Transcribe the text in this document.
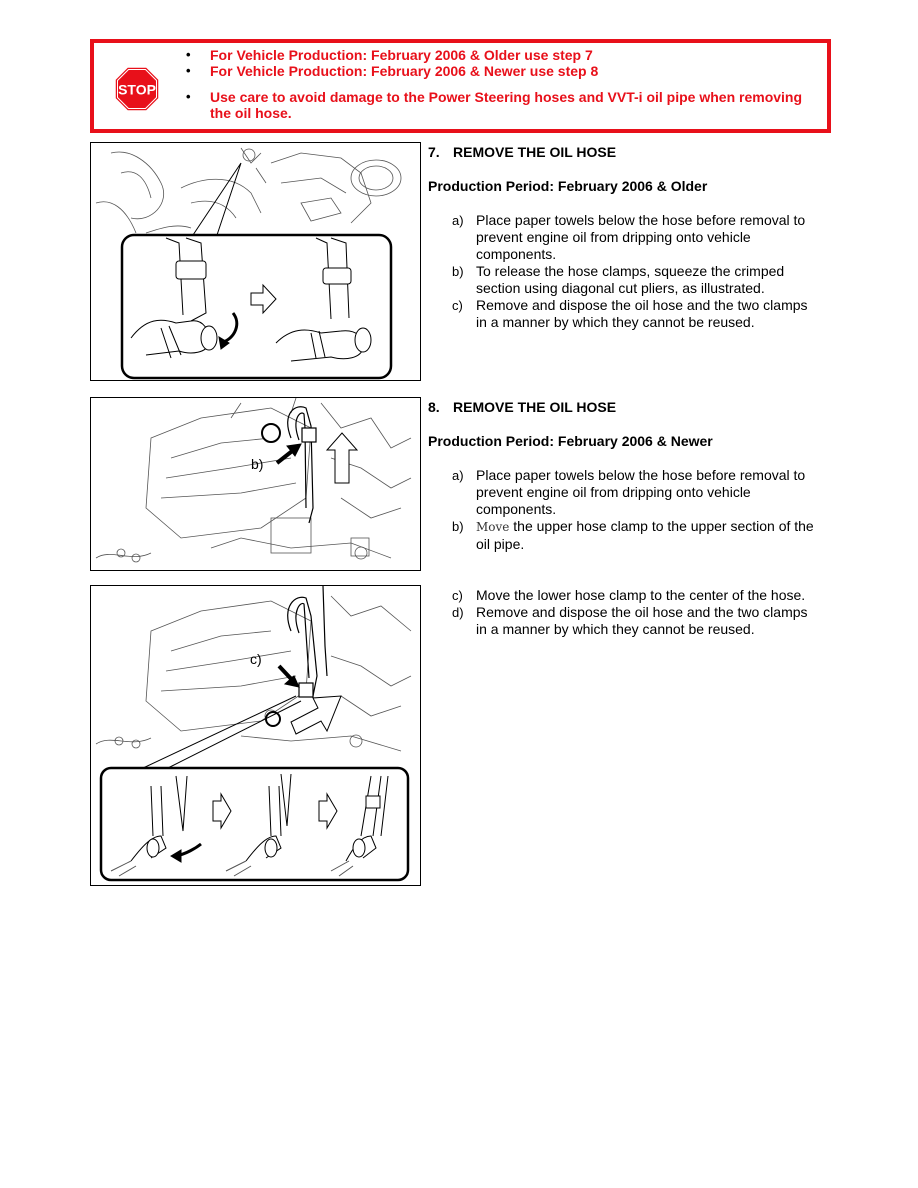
STOP
• For Vehicle Production: February 2006 & Older use step 7
• For Vehicle Production: February 2006 & Newer use step 8
• Use care to avoid damage to the Power Steering hoses and VVT-i oil pipe when removing the oil hose.
7. REMOVE THE OIL HOSE

Production Period: February 2006 & Older

a) Place paper towels below the hose before removal to prevent engine oil from dripping onto vehicle components.
b) To release the hose clamps, squeeze the crimped section using diagonal cut pliers, as illustrated.
c) Remove and dispose the oil hose and the two clamps in a manner by which they cannot be reused.
b)
8. REMOVE THE OIL HOSE

Production Period: February 2006 & Newer

a) Place paper towels below the hose before removal to prevent engine oil from dripping onto vehicle components.
b) Move the upper hose clamp to the upper section of the oil pipe.
c)
c) Move the lower hose clamp to the center of the hose.
d) Remove and dispose the oil hose and the two clamps in a manner by which they cannot be reused.
